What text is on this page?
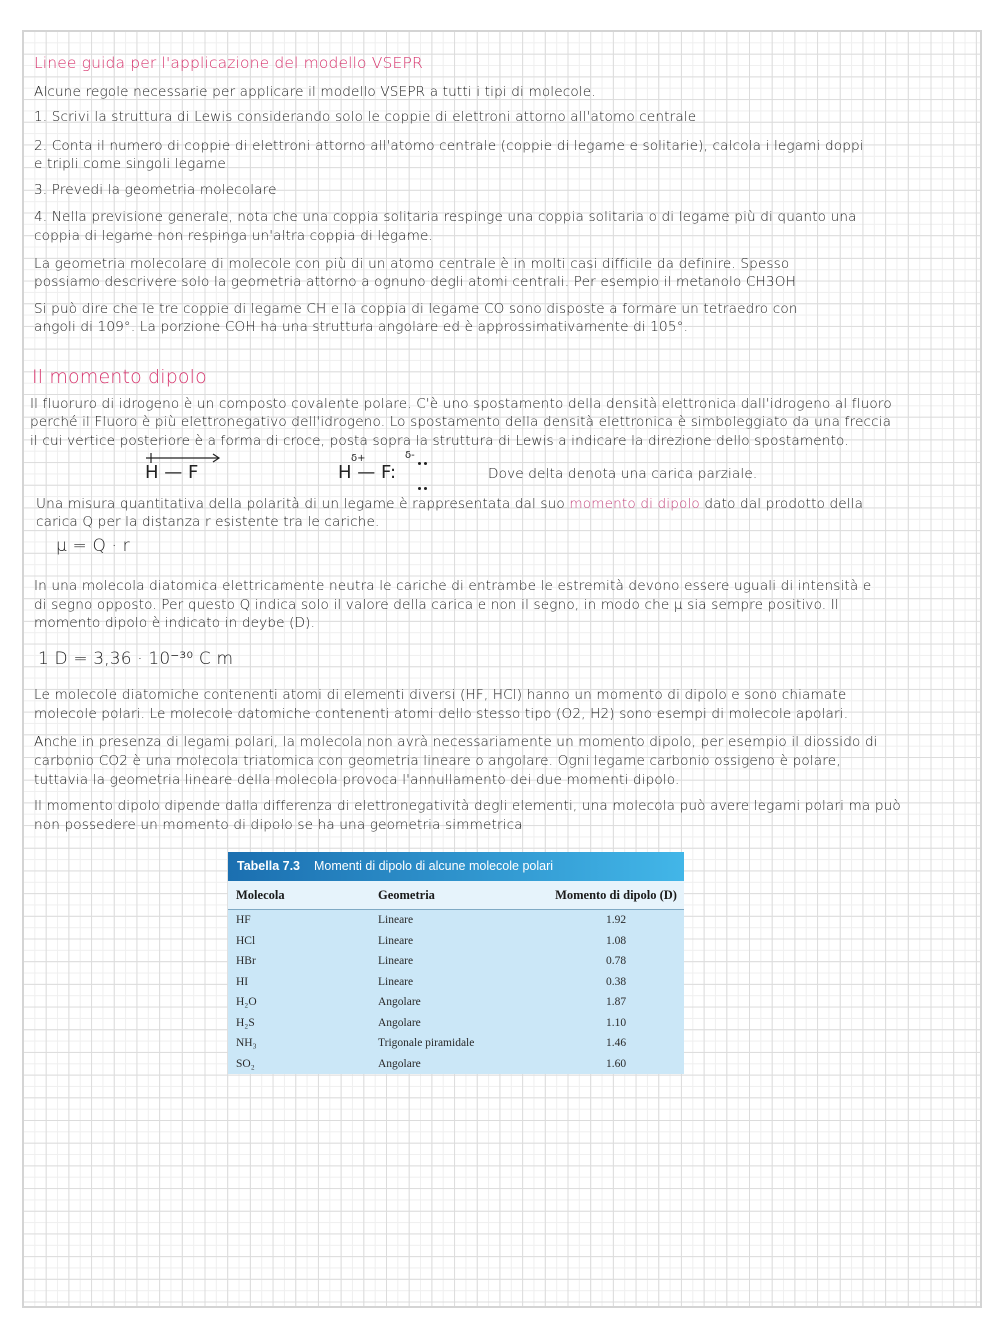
Linee guida per l'applicazione del modello VSEPR

Alcune regole necessarie per applicare il modello VSEPR a tutti i tipi di molecole.

1. Scrivi la struttura di Lewis considerando solo le coppie di elettroni attorno all'atomo centrale

2. Conta il numero di coppie di elettroni attorno all'atomo centrale (coppie di legame e solitarie), calcola i legami doppi

e tripli come singoli legame

3. Prevedi la geometria molecolare

4. Nella previsione generale, nota che una coppia solitaria respinge una coppia solitaria o di legame più di quanto una

coppia di legame non respinga un'altra coppia di legame.

La geometria molecolare di molecole con più di un atomo centrale è in molti casi difficile da definire. Spesso

possiamo descrivere solo la geometria attorno a ognuno degli atomi centrali. Per esempio il metanolo CH3OH

Si può dire che le tre coppie di legame CH e la coppia di legame CO sono disposte a formare un tetraedro con

angoli di 109°. La porzione COH ha una struttura angolare ed è approssimativamente di 105°.

Il momento dipolo

Il fluoruro di idrogeno è un composto covalente polare. C'è uno spostamento della densità elettronica dall'idrogeno al fluoro

perché il Fluoro è più elettronegativo dell'idrogeno. Lo spostamento della densità elettronica è simboleggiato da una freccia

il cui vertice posteriore è a forma di croce, posta sopra la struttura di Lewis a indicare la direzione dello spostamento.

H — F	H — F:
δ+	δ-

Dove delta denota una carica parziale.

Una misura quantitativa della polarità di un legame è rappresentata dal suo momento di dipolo dato dal prodotto della

carica Q per la distanza r esistente tra le cariche.

μ = Q · r

In una molecola diatomica elettricamente neutra le cariche di entrambe le estremità devono essere uguali di intensità e

di segno opposto. Per questo Q indica solo il valore della carica e non il segno, in modo che μ sia sempre positivo. Il

momento dipolo è indicato in deybe (D).

1 D = 3,36 · 10⁻³⁰ C m

Le molecole diatomiche contenenti atomi di elementi diversi (HF, HCl) hanno un momento di dipolo e sono chiamate

molecole polari. Le molecole datomiche contenenti atomi dello stesso tipo (O2, H2) sono esempi di molecole apolari.

Anche in presenza di legami polari, la molecola non avrà necessariamente un momento dipolo, per esempio il diossido di

carbonio CO2 è una molecola triatomica con geometria lineare o angolare. Ogni legame carbonio ossigeno è polare,

tuttavia la geometria lineare della molecola provoca l'annullamento dei due momenti dipolo.

Il momento dipolo dipende dalla differenza di elettronegatività degli elementi, una molecola può avere legami polari ma può

non possedere un momento di dipolo se ha una geometria simmetrica

Tabella 7.3 Momenti di dipolo di alcune molecole polari
Molecola	Geometria	Momento di dipolo (D)
HF	Lineare	1.92
HCl	Lineare	1.08
HBr	Lineare	0.78
HI	Lineare	0.38
H₂O	Angolare	1.87
H₂S	Angolare	1.10
NH₃	Trigonale piramidale	1.46
SO₂	Angolare	1.60
